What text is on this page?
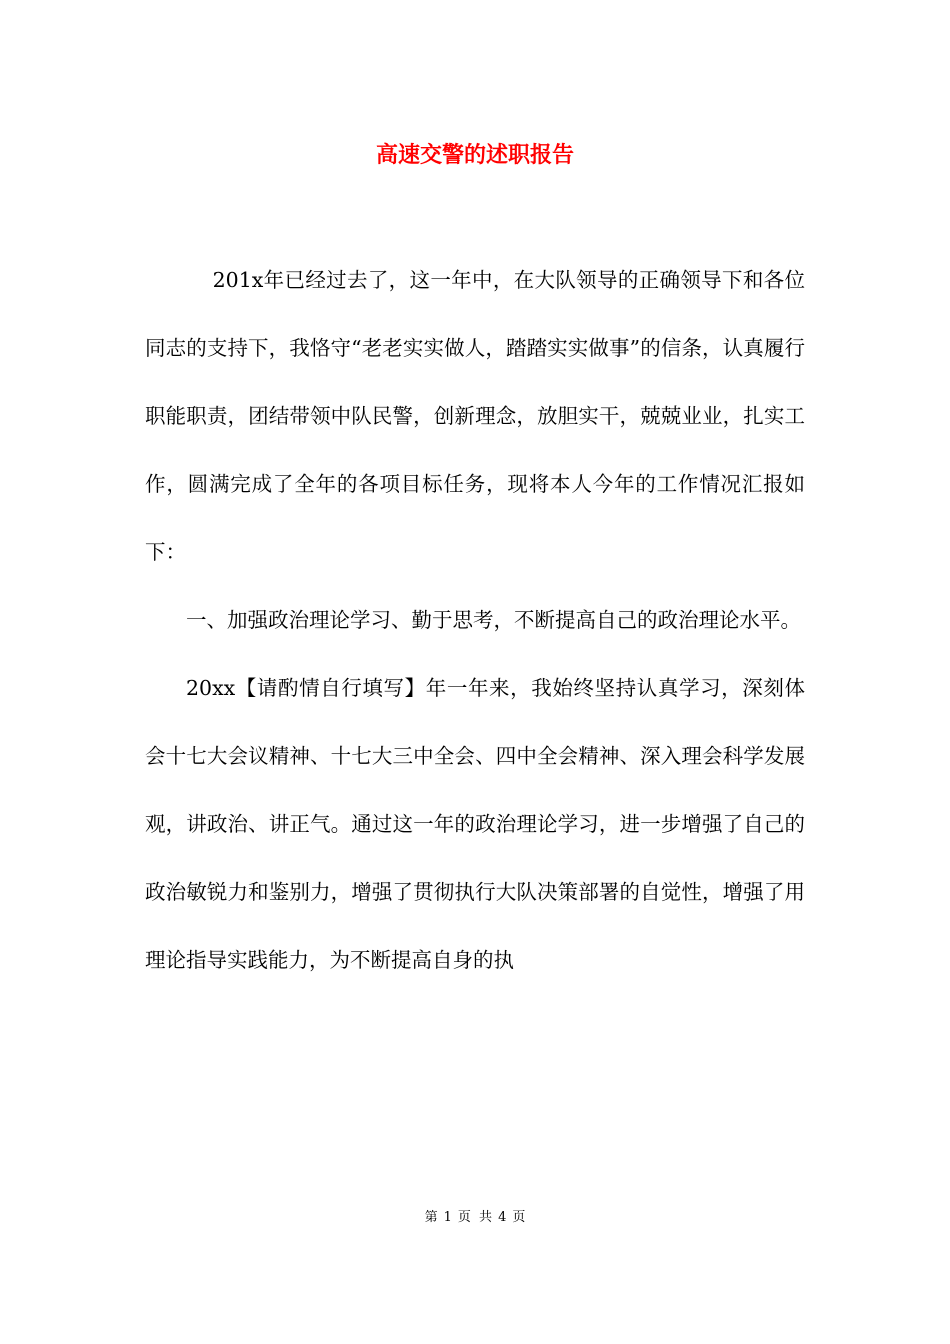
高速交警的述职报告

201x年已经过去了，这一年中，在大队领导的正确领导下和各位同志的支持下，我恪守“老老实实做人，踏踏实实做事”的信条，认真履行职能职责，团结带领中队民警，创新理念，放胆实干，兢兢业业，扎实工作，圆满完成了全年的各项目标任务，现将本人今年的工作情况汇报如下：

一、加强政治理论学习、勤于思考，不断提高自己的政治理论水平。

20xx【请酌情自行填写】年一年来，我始终坚持认真学习，深刻体会十七大会议精神、十七大三中全会、四中全会精神、深入理会科学发展观，讲政治、讲正气。通过这一年的政治理论学习，进一步增强了自己的政治敏锐力和鉴别力，增强了贯彻执行大队决策部署的自觉性，增强了用理论指导实践能力，为不断提高自身的执

第 1 页 共 4 页
